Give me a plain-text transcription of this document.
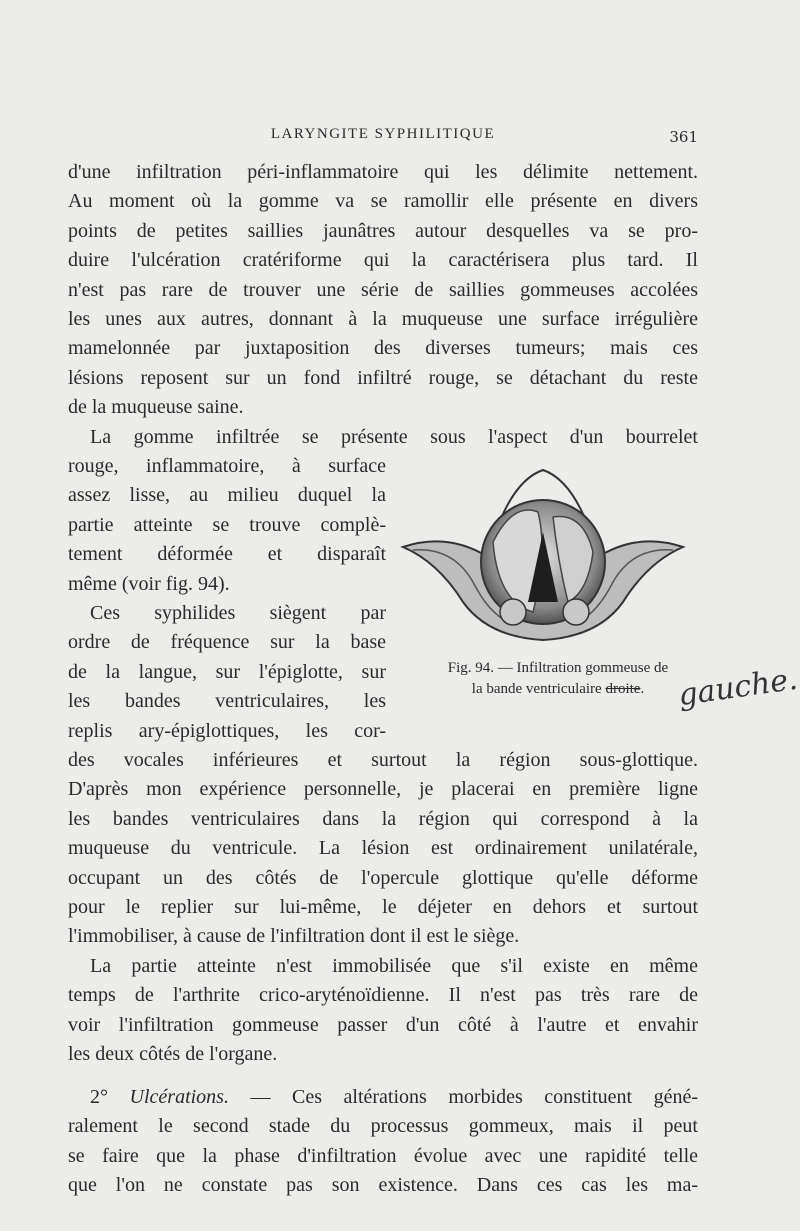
LARYNGITE SYPHILITIQUE	361
d'une infiltration péri-inflammatoire qui les délimite nettement.
Au moment où la gomme va se ramollir elle présente en divers
points de petites saillies jaunâtres autour desquelles va se pro-
duire l'ulcération cratériforme qui la caractérisera plus tard. Il
n'est pas rare de trouver une série de saillies gommeuses accolées
les unes aux autres, donnant à la muqueuse une surface irrégulière
mamelonnée par juxtaposition des diverses tumeurs; mais ces
lésions reposent sur un fond infiltré rouge, se détachant du reste
de la muqueuse saine.
La gomme infiltrée se présente sous l'aspect d'un bourrelet
rouge, inflammatoire, à surface
assez lisse, au milieu duquel la
partie atteinte se trouve complè-
tement déformée et disparaît
même (voir fig. 94).
Ces syphilides siègent par
ordre de fréquence sur la base
de la langue, sur l'épiglotte, sur
les bandes ventriculaires, les
replis ary-épiglottiques, les cor-
Fig. 94. — Infiltration gommeuse de
la bande ventriculaire droite.	gauche.
des vocales inférieures et surtout la région sous-glottique.
D'après mon expérience personnelle, je placerai en première ligne
les bandes ventriculaires dans la région qui correspond à la
muqueuse du ventricule. La lésion est ordinairement unilatérale,
occupant un des côtés de l'opercule glottique qu'elle déforme
pour le replier sur lui-même, le déjeter en dehors et surtout
l'immobiliser, à cause de l'infiltration dont il est le siège.
La partie atteinte n'est immobilisée que s'il existe en même
temps de l'arthrite crico-aryténoïdienne. Il n'est pas très rare de
voir l'infiltration gommeuse passer d'un côté à l'autre et envahir
les deux côtés de l'organe.
2° Ulcérations. — Ces altérations morbides constituent géné-
ralement le second stade du processus gommeux, mais il peut
se faire que la phase d'infiltration évolue avec une rapidité telle
que l'on ne constate pas son existence. Dans ces cas les ma-
